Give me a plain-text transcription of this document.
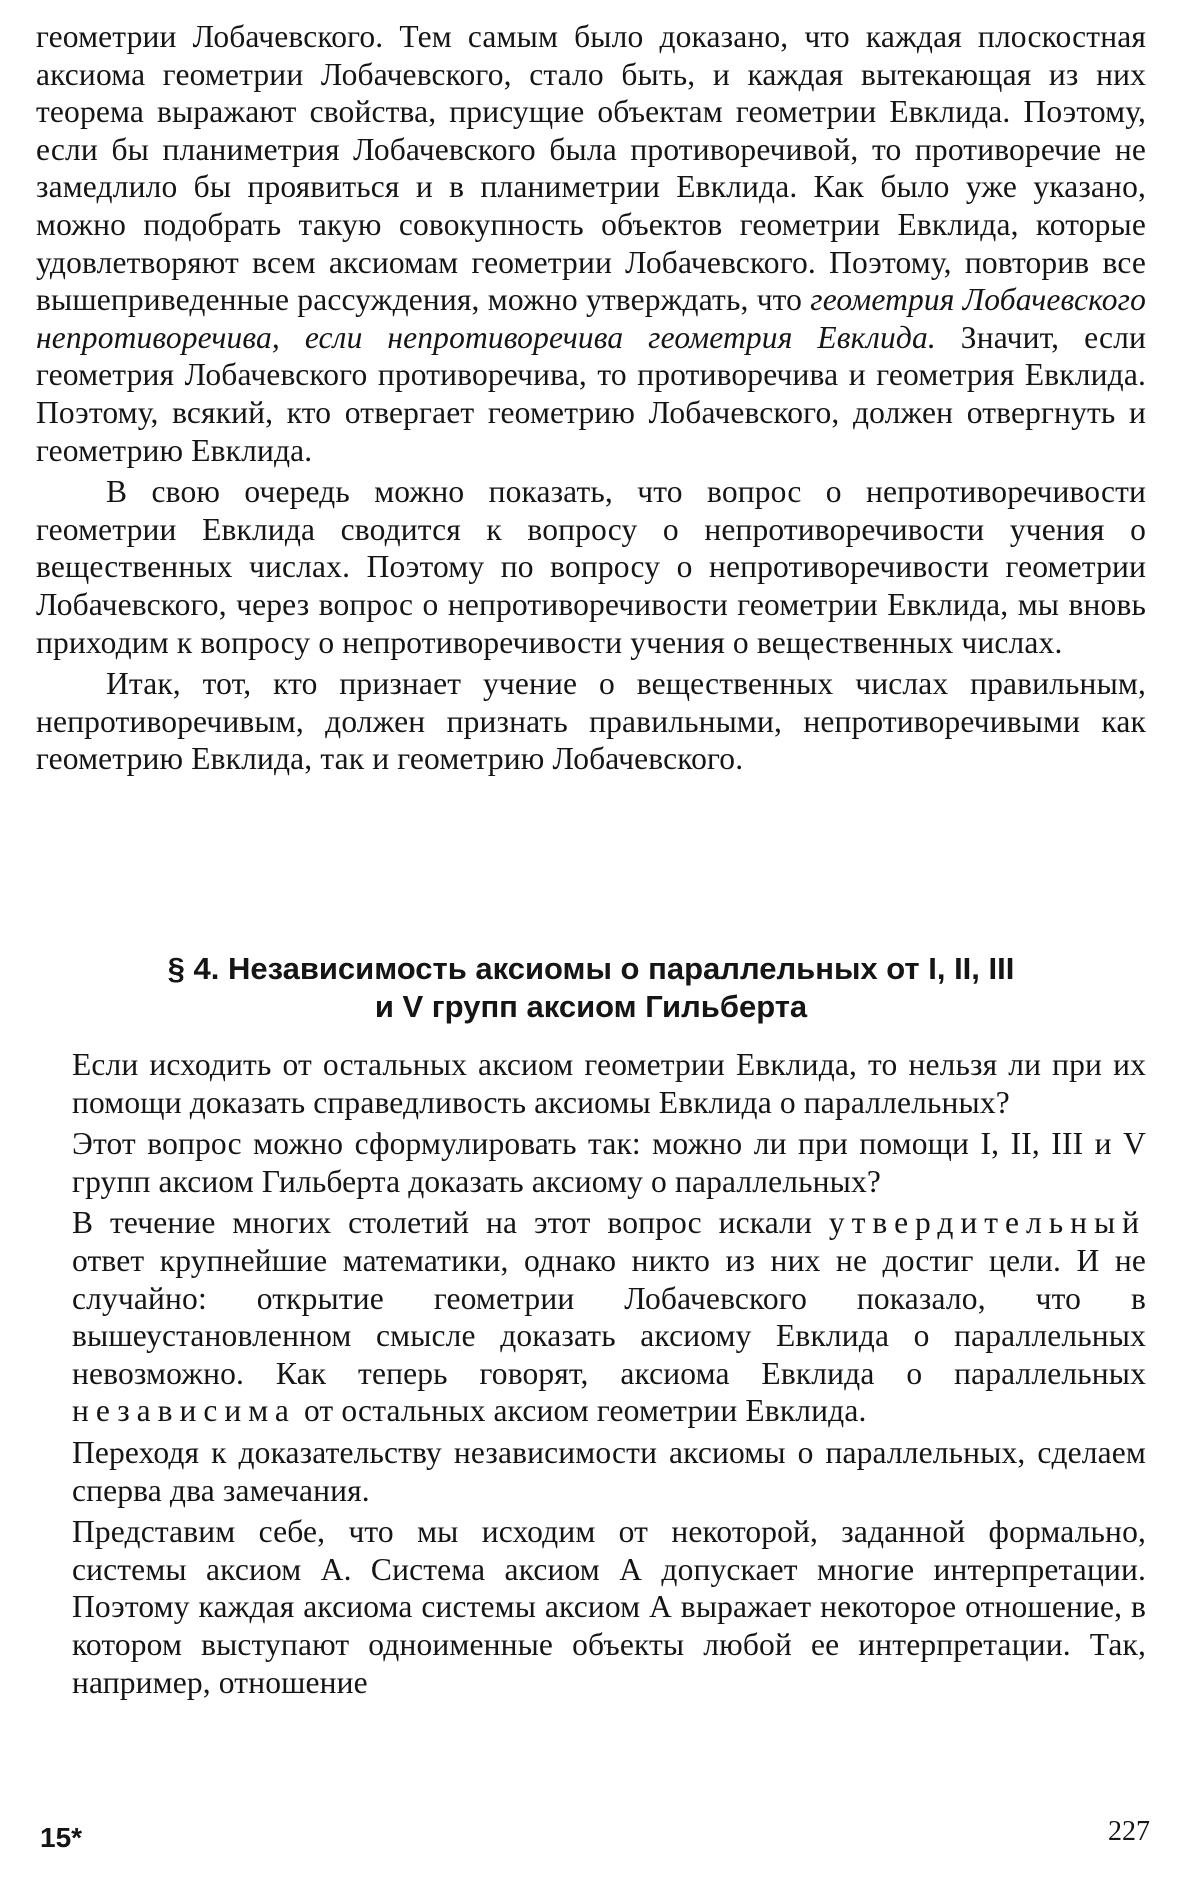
геометрии Лобачевского. Тем самым было доказано, что каждая плоскостная аксиома геометрии Лобачевского, стало быть, и каждая вытекающая из них теорема выражают свойства, присущие объектам геометрии Евклида. Поэтому, если бы планиметрия Лобачевского была противоречивой, то противоречие не замедлило бы проявиться и в планиметрии Евклида. Как было уже указано, можно подобрать такую совокупность объектов геометрии Евклида, которые удовлетворяют всем аксиомам геометрии Лобачевского. Поэтому, повторив все вышеприведенные рассуждения, можно утверждать, что геометрия Лобачевского непротиворечива, если непротиворечива геометрия Евклида. Значит, если геометрия Лобачевского противоречива, то противоречива и геометрия Евклида. Поэтому, всякий, кто отвергает геометрию Лобачевского, должен отвергнуть и геометрию Евклида.

В свою очередь можно показать, что вопрос о непротиворечивости геометрии Евклида сводится к вопросу о непротиворечивости учения о вещественных числах. Поэтому по вопросу о непротиворечивости геометрии Лобачевского, через вопрос о непротиворечивости геометрии Евклида, мы вновь приходим к вопросу о непротиворечивости учения о вещественных числах.

Итак, тот, кто признает учение о вещественных числах правильным, непротиворечивым, должен признать правильными, непротиворечивыми как геометрию Евклида, так и геометрию Лобачевского.

§ 4. Независимость аксиомы о параллельных от I, II, III
и V групп аксиом Гильберта

Если исходить от остальных аксиом геометрии Евклида, то нельзя ли при их помощи доказать справедливость аксиомы Евклида о параллельных?

Этот вопрос можно сформулировать так: можно ли при помощи I, II, III и V групп аксиом Гильберта доказать аксиому о параллельных?

В течение многих столетий на этот вопрос искали утвердительный ответ крупнейшие математики, однако никто из них не достиг цели. И не случайно: открытие геометрии Лобачевского показало, что в вышеустановленном смысле доказать аксиому Евклида о параллельных невозможно. Как теперь говорят, аксиома Евклида о параллельных независима от остальных аксиом геометрии Евклида.

Переходя к доказательству независимости аксиомы о параллельных, сделаем сперва два замечания.

Представим себе, что мы исходим от некоторой, заданной формально, системы аксиом А. Система аксиом А допускает многие интерпретации. Поэтому каждая аксиома системы аксиом А выражает некоторое отношение, в котором выступают одноименные объекты любой ее интерпретации. Так, например, отношение

15*	227
